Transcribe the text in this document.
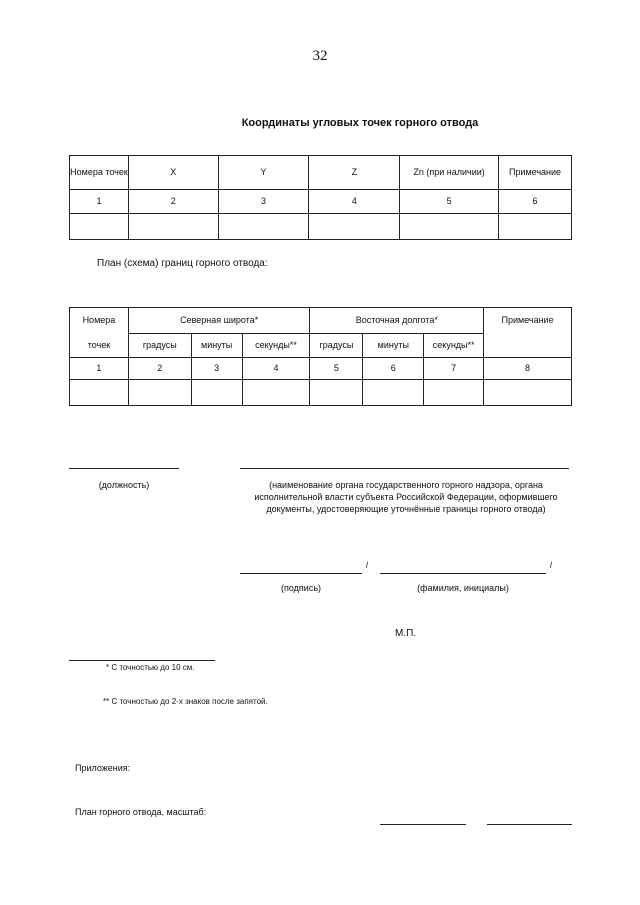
32
Координаты угловых точек горного отвода
Номера точек	X	Y	Z	Zn (при наличии)	Примечание
1	2	3	4	5	6

План (схема) границ горного отвода:
Номера	Северная широта*			Восточная долгота*			Примечание
точек	градусы	минуты	секунды**	градусы	минуты	секунды**	
1	2	3	4	5	6	7	8

(должность)	(наименование органа государственного горного надзора, органа исполнительной власти субъекта Российской Федерации, оформившего документы, удостоверяющие уточнённые границы горного отвода)
/	/
(подпись)	(фамилия, инициалы)
М.П.
* С точностью до 10 см.
** С точностью до 2-х знаков после запятой.
Приложения:
План горного отвода, масштаб:
